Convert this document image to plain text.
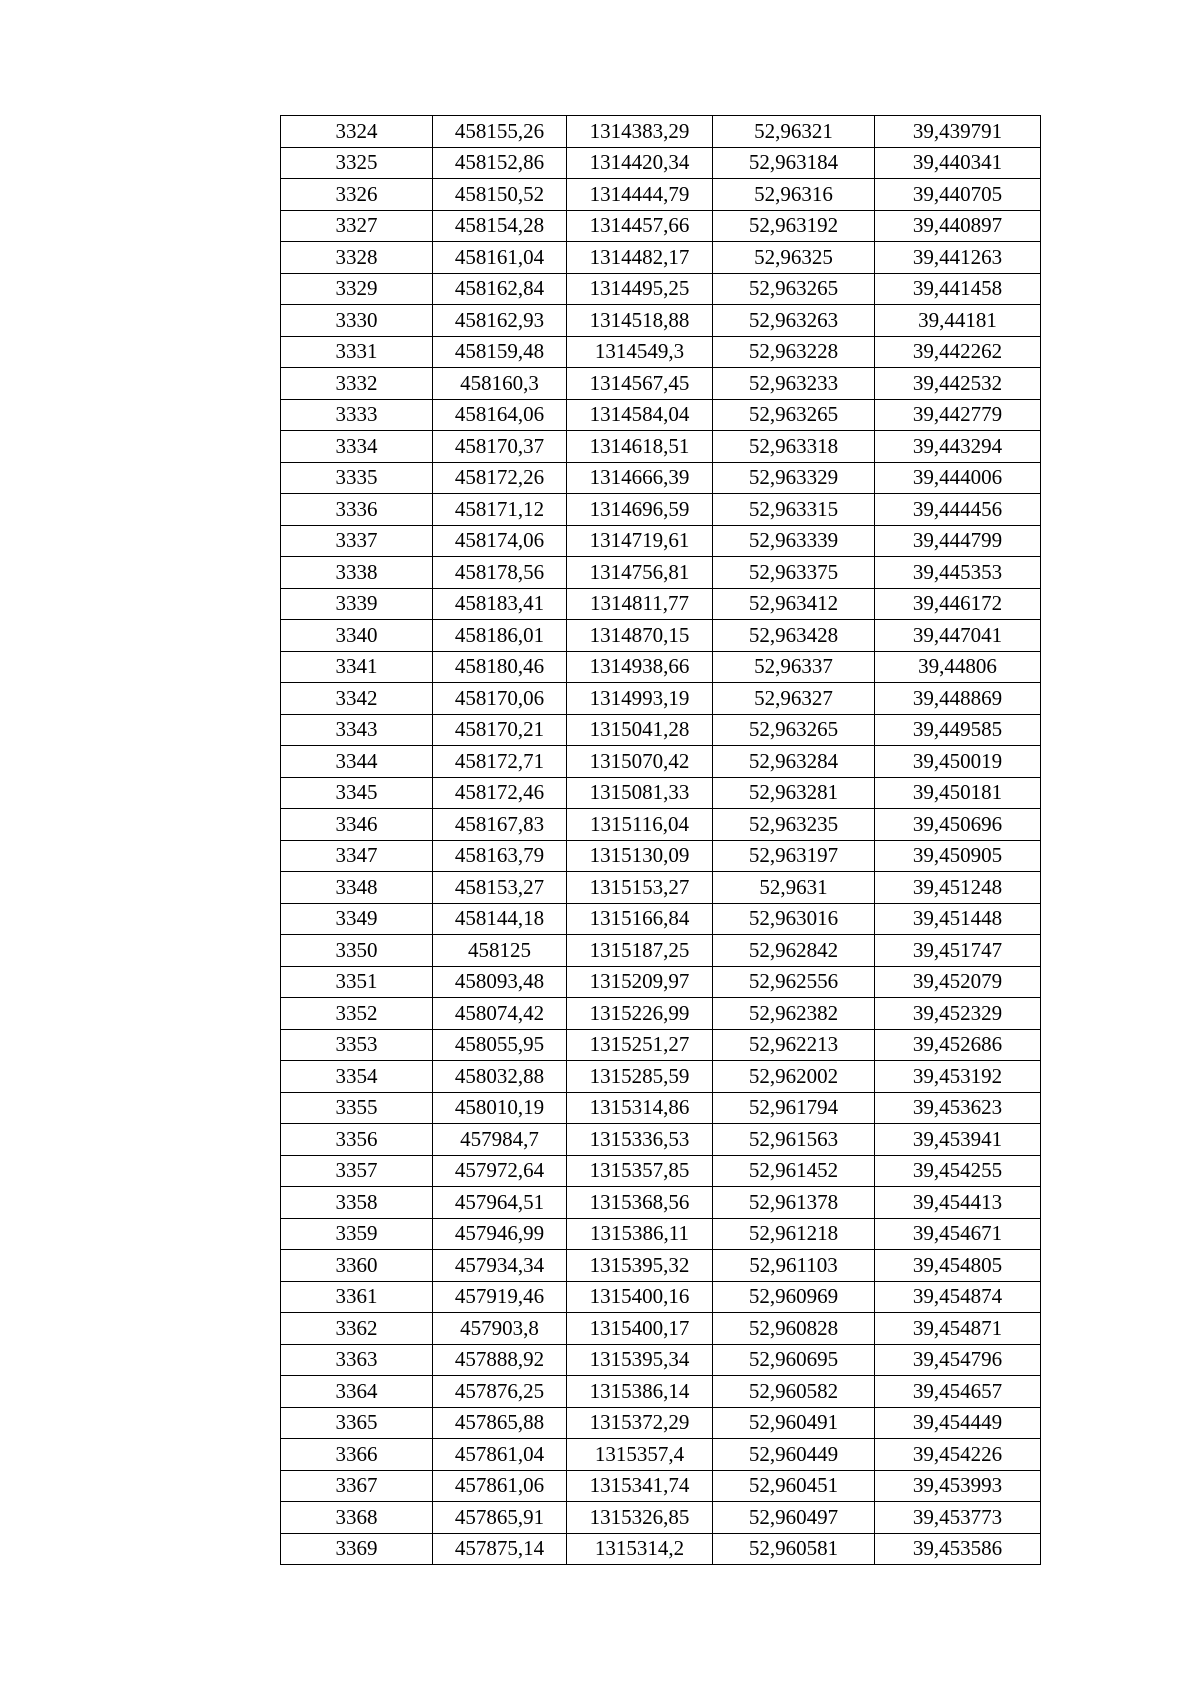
3324	458155,26	1314383,29	52,96321	39,439791
3325	458152,86	1314420,34	52,963184	39,440341
3326	458150,52	1314444,79	52,96316	39,440705
3327	458154,28	1314457,66	52,963192	39,440897
3328	458161,04	1314482,17	52,96325	39,441263
3329	458162,84	1314495,25	52,963265	39,441458
3330	458162,93	1314518,88	52,963263	39,44181
3331	458159,48	1314549,3	52,963228	39,442262
3332	458160,3	1314567,45	52,963233	39,442532
3333	458164,06	1314584,04	52,963265	39,442779
3334	458170,37	1314618,51	52,963318	39,443294
3335	458172,26	1314666,39	52,963329	39,444006
3336	458171,12	1314696,59	52,963315	39,444456
3337	458174,06	1314719,61	52,963339	39,444799
3338	458178,56	1314756,81	52,963375	39,445353
3339	458183,41	1314811,77	52,963412	39,446172
3340	458186,01	1314870,15	52,963428	39,447041
3341	458180,46	1314938,66	52,96337	39,44806
3342	458170,06	1314993,19	52,96327	39,448869
3343	458170,21	1315041,28	52,963265	39,449585
3344	458172,71	1315070,42	52,963284	39,450019
3345	458172,46	1315081,33	52,963281	39,450181
3346	458167,83	1315116,04	52,963235	39,450696
3347	458163,79	1315130,09	52,963197	39,450905
3348	458153,27	1315153,27	52,9631	39,451248
3349	458144,18	1315166,84	52,963016	39,451448
3350	458125	1315187,25	52,962842	39,451747
3351	458093,48	1315209,97	52,962556	39,452079
3352	458074,42	1315226,99	52,962382	39,452329
3353	458055,95	1315251,27	52,962213	39,452686
3354	458032,88	1315285,59	52,962002	39,453192
3355	458010,19	1315314,86	52,961794	39,453623
3356	457984,7	1315336,53	52,961563	39,453941
3357	457972,64	1315357,85	52,961452	39,454255
3358	457964,51	1315368,56	52,961378	39,454413
3359	457946,99	1315386,11	52,961218	39,454671
3360	457934,34	1315395,32	52,961103	39,454805
3361	457919,46	1315400,16	52,960969	39,454874
3362	457903,8	1315400,17	52,960828	39,454871
3363	457888,92	1315395,34	52,960695	39,454796
3364	457876,25	1315386,14	52,960582	39,454657
3365	457865,88	1315372,29	52,960491	39,454449
3366	457861,04	1315357,4	52,960449	39,454226
3367	457861,06	1315341,74	52,960451	39,453993
3368	457865,91	1315326,85	52,960497	39,453773
3369	457875,14	1315314,2	52,960581	39,453586
